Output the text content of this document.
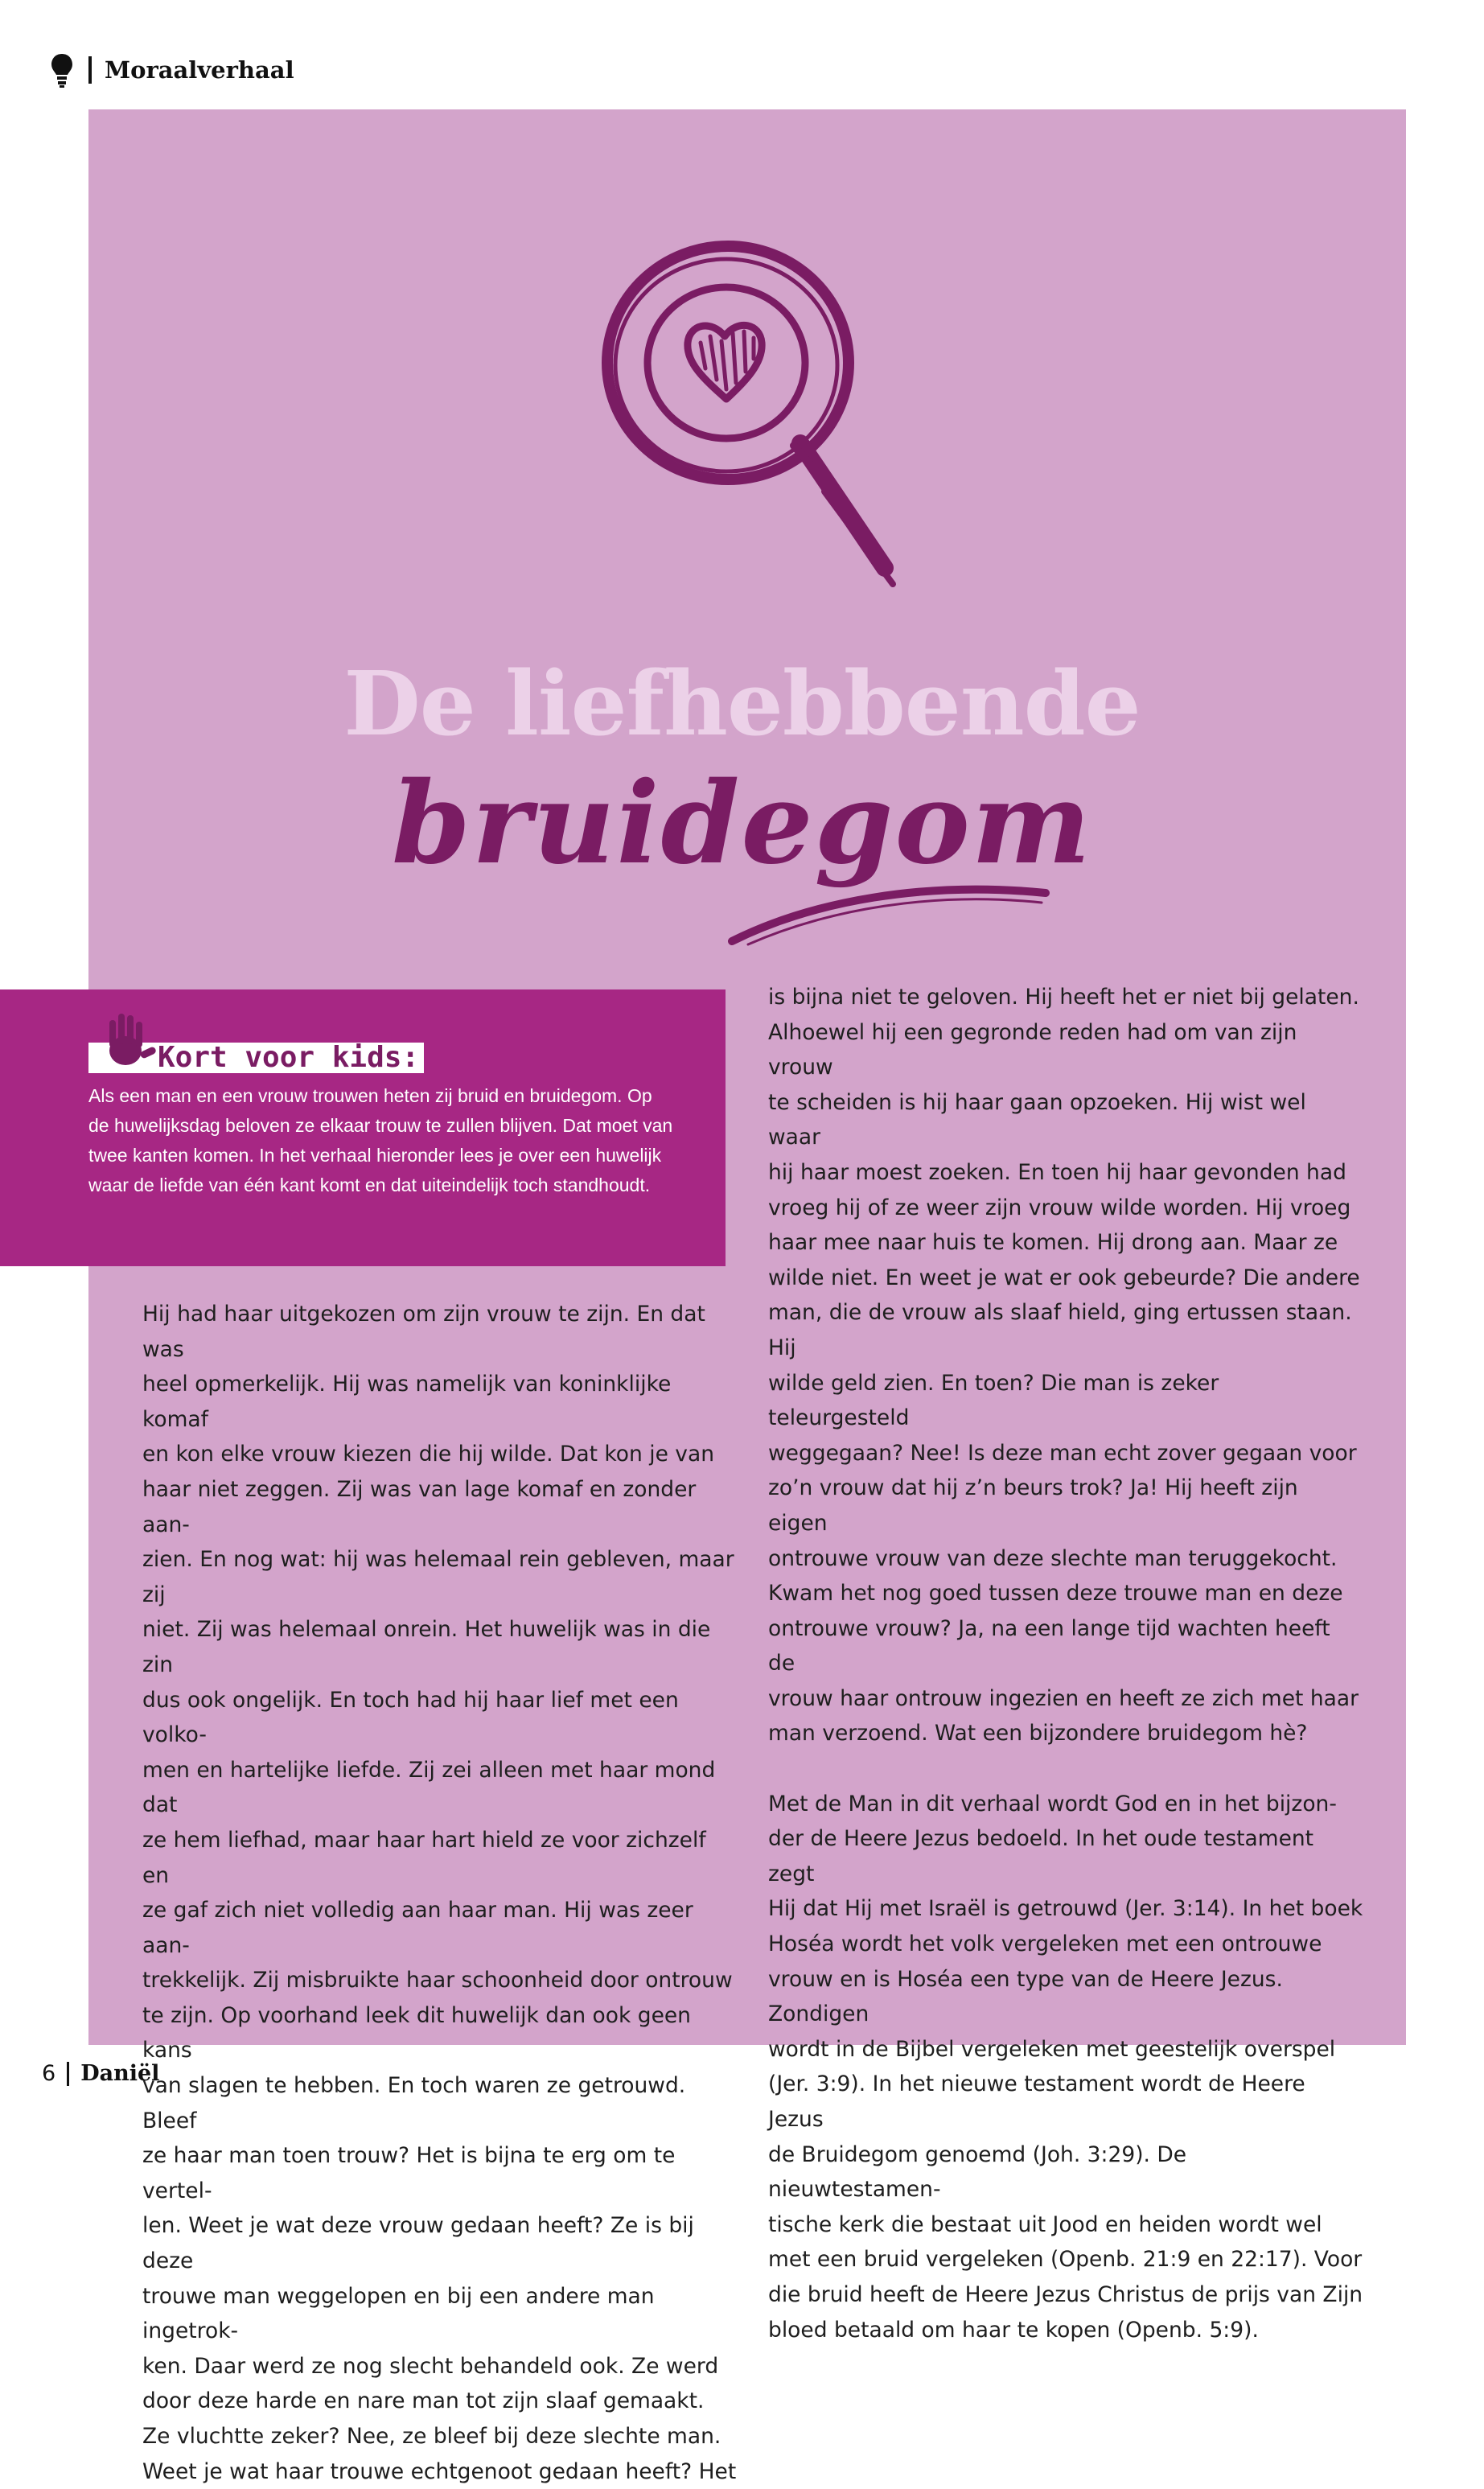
Moraalverhaal
De liefhebbende
bruidegom
Kort voor kids:
Als een man en een vrouw trouwen heten zij bruid en bruidegom. Op de huwelijksdag beloven ze elkaar trouw te zullen blijven. Dat moet van twee kanten komen. In het verhaal hieronder lees je over een huwelijk waar de liefde van één kant komt en dat uiteindelijk toch standhoudt.

Hij had haar uitgekozen om zijn vrouw te zijn. En dat was
heel opmerkelijk. Hij was namelijk van koninklijke komaf
en kon elke vrouw kiezen die hij wilde. Dat kon je van
haar niet zeggen. Zij was van lage komaf en zonder aan-
zien. En nog wat: hij was helemaal rein gebleven, maar zij
niet. Zij was helemaal onrein. Het huwelijk was in die zin
dus ook ongelijk. En toch had hij haar lief met een volko-
men en hartelijke liefde. Zij zei alleen met haar mond dat
ze hem liefhad, maar haar hart hield ze voor zichzelf en
ze gaf zich niet volledig aan haar man. Hij was zeer aan-
trekkelijk. Zij misbruikte haar schoonheid door ontrouw
te zijn. Op voorhand leek dit huwelijk dan ook geen kans
van slagen te hebben. En toch waren ze getrouwd. Bleef
ze haar man toen trouw? Het is bijna te erg om te vertel-
len. Weet je wat deze vrouw gedaan heeft? Ze is bij deze
trouwe man weggelopen en bij een andere man ingetrok-
ken. Daar werd ze nog slecht behandeld ook. Ze werd
door deze harde en nare man tot zijn slaaf gemaakt.
Ze vluchtte zeker? Nee, ze bleef bij deze slechte man.
Weet je wat haar trouwe echtgenoot gedaan heeft? Het

is bijna niet te geloven. Hij heeft het er niet bij gelaten.
Alhoewel hij een gegronde reden had om van zijn vrouw
te scheiden is hij haar gaan opzoeken. Hij wist wel waar
hij haar moest zoeken. En toen hij haar gevonden had
vroeg hij of ze weer zijn vrouw wilde worden. Hij vroeg
haar mee naar huis te komen. Hij drong aan. Maar ze
wilde niet. En weet je wat er ook gebeurde? Die andere
man, die de vrouw als slaaf hield, ging ertussen staan. Hij
wilde geld zien. En toen? Die man is zeker teleurgesteld
weggegaan? Nee! Is deze man echt zover gegaan voor
zo’n vrouw dat hij z’n beurs trok? Ja! Hij heeft zijn eigen
ontrouwe vrouw van deze slechte man teruggekocht.
Kwam het nog goed tussen deze trouwe man en deze
ontrouwe vrouw? Ja, na een lange tijd wachten heeft de
vrouw haar ontrouw ingezien en heeft ze zich met haar
man verzoend. Wat een bijzondere bruidegom hè?

Met de Man in dit verhaal wordt God en in het bijzon-
der de Heere Jezus bedoeld. In het oude testament zegt
Hij dat Hij met Israël is getrouwd (Jer. 3:14). In het boek
Hoséa wordt het volk vergeleken met een ontrouwe
vrouw en is Hoséa een type van de Heere Jezus. Zondigen
wordt in de Bijbel vergeleken met geestelijk overspel
(Jer. 3:9). In het nieuwe testament wordt de Heere Jezus
de Bruidegom genoemd (Joh. 3:29). De nieuwtestamen-
tische kerk die bestaat uit Jood en heiden wordt wel
met een bruid vergeleken (Openb. 21:9 en 22:17). Voor
die bruid heeft de Heere Jezus Christus de prijs van Zijn
bloed betaald om haar te kopen (Openb. 5:9).

6 Daniël
